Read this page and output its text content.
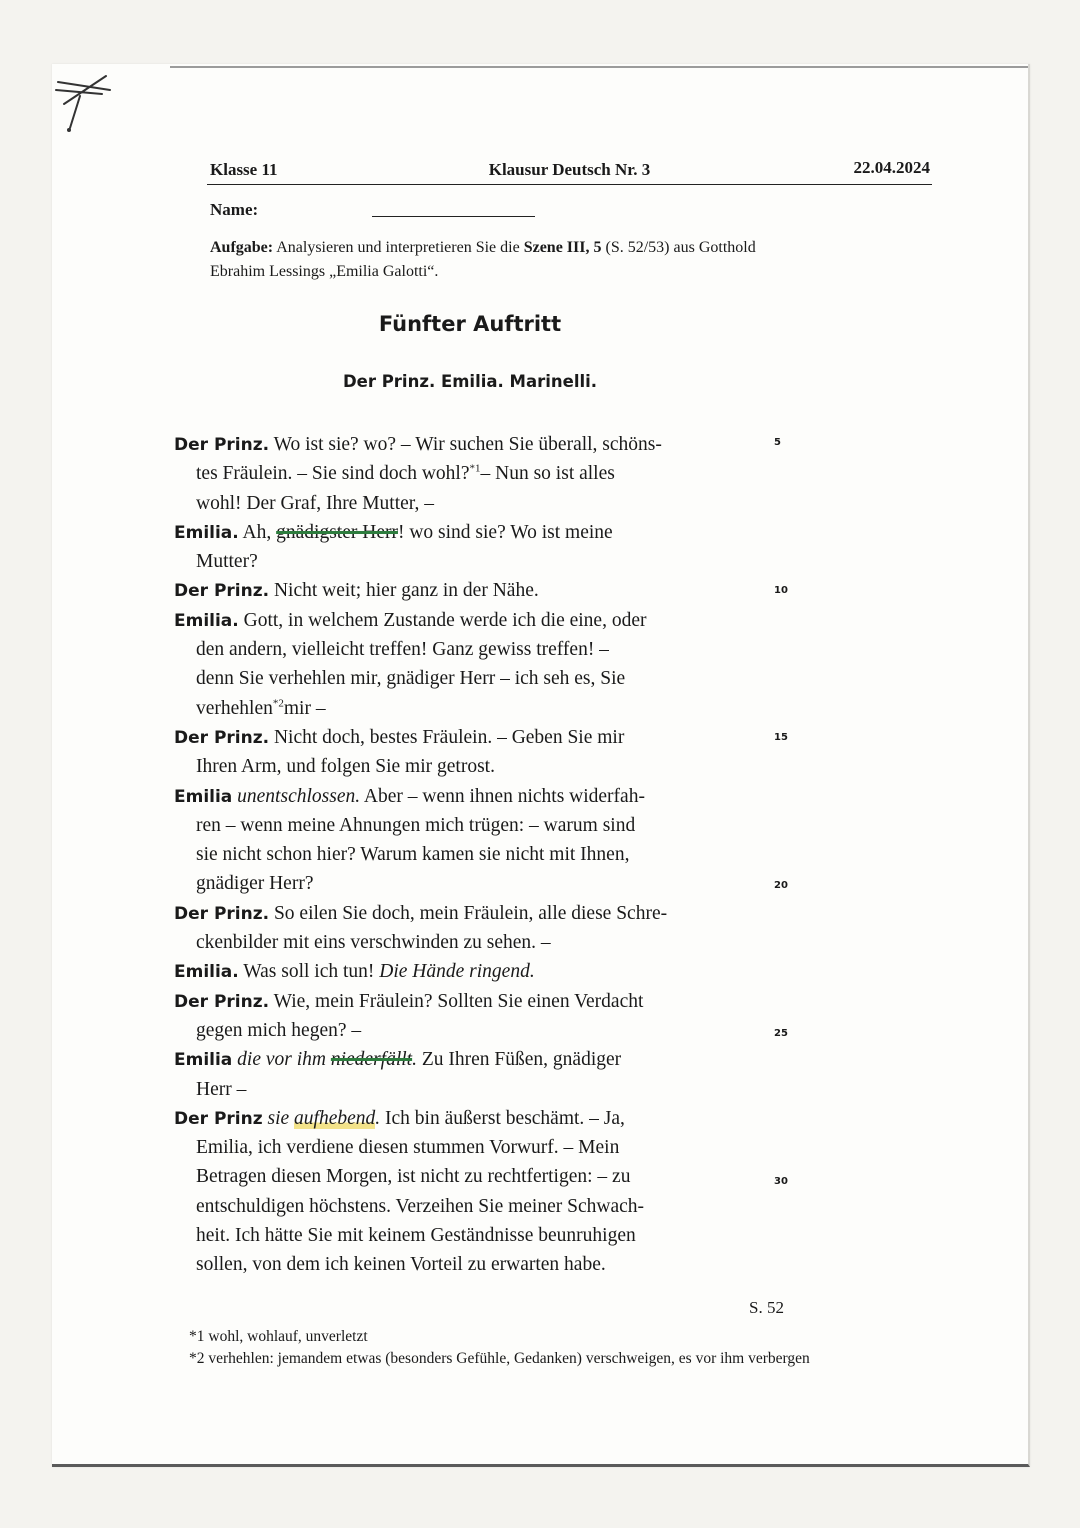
Klasse 11	Klausur Deutsch Nr. 3	22.04.2024
Name:
Aufgabe: Analysieren und interpretieren Sie die Szene III, 5 (S. 52/53) aus Gotthold
Ebrahim Lessings „Emilia Galotti“.
Fünfter Auftritt
Der Prinz. Emilia. Marinelli.
Der Prinz. Wo ist sie? wo? – Wir suchen Sie überall, schöns-
tes Fräulein. – Sie sind doch wohl?$^{*1}$– Nun so ist alles
wohl! Der Graf, Ihre Mutter, –
Emilia. Ah, gnädigster Herr! wo sind sie? Wo ist meine
Mutter?
Der Prinz. Nicht weit; hier ganz in der Nähe.
Emilia. Gott, in welchem Zustande werde ich die eine, oder
den andern, vielleicht treffen! Ganz gewiss treffen! –
denn Sie verhehlen mir, gnädiger Herr – ich seh es, Sie
verhehlen$^{*2}$mir –
Der Prinz. Nicht doch, bestes Fräulein. – Geben Sie mir
Ihren Arm, und folgen Sie mir getrost.
Emilia unentschlossen. Aber – wenn ihnen nichts widerfah-
ren – wenn meine Ahnungen mich trügen: – warum sind
sie nicht schon hier? Warum kamen sie nicht mit Ihnen,
gnädiger Herr?
Der Prinz. So eilen Sie doch, mein Fräulein, alle diese Schre-
ckenbilder mit eins verschwinden zu sehen. –
Emilia. Was soll ich tun! Die Hände ringend.
Der Prinz. Wie, mein Fräulein? Sollten Sie einen Verdacht
gegen mich hegen? –
Emilia die vor ihm niederfällt. Zu Ihren Füßen, gnädiger
Herr –
Der Prinz sie aufhebend. Ich bin äußerst beschämt. – Ja,
Emilia, ich verdiene diesen stummen Vorwurf. – Mein
Betragen diesen Morgen, ist nicht zu rechtfertigen: – zu
entschuldigen höchstens. Verzeihen Sie meiner Schwach-
heit. Ich hätte Sie mit keinem Geständnisse beunruhigen
sollen, von dem ich keinen Vorteil zu erwarten habe.
5
10
15
20
25
30
S. 52
*1 wohl, wohlauf, unverletzt
*2 verhehlen: jemandem etwas (besonders Gefühle, Gedanken) verschweigen, es vor ihm verbergen
